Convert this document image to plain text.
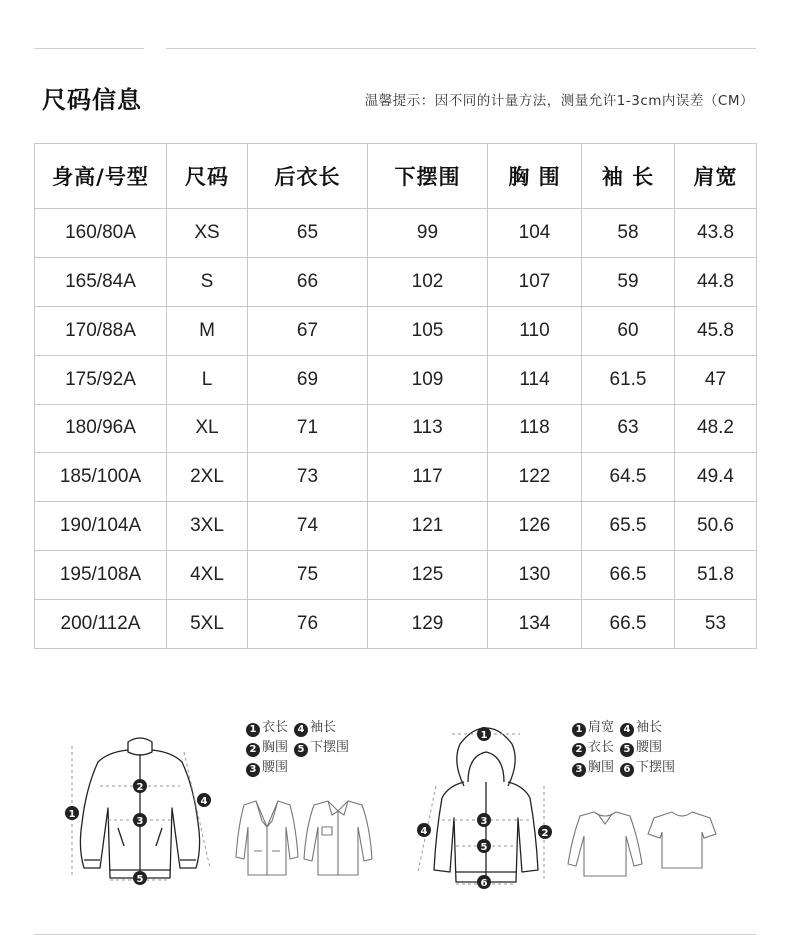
尺码信息	温馨提示：因不同的计量方法，测量允许1-3cm内误差（CM）
身高/号型	尺码	后衣长	下摆围	胸 围	袖 长	肩宽
160/80A	XS	65	99	104	58	43.8
165/84A	S	66	102	107	59	44.8
170/88A	M	67	105	110	60	45.8
175/92A	L	69	109	114	61.5	47
180/96A	XL	71	113	118	63	48.2
185/100A	2XL	73	117	122	64.5	49.4
190/104A	3XL	74	121	126	65.5	50.6
195/108A	4XL	75	125	130	66.5	51.8
200/112A	5XL	76	129	134	66.5	53
1
2
3
4
5
1 衣长 4 袖长
2 胸围 5 下摆围
3 腰围
1
2
3
4
5
6
1 肩宽 4 袖长
2 衣长 5 腰围
3 胸围 6 下摆围
